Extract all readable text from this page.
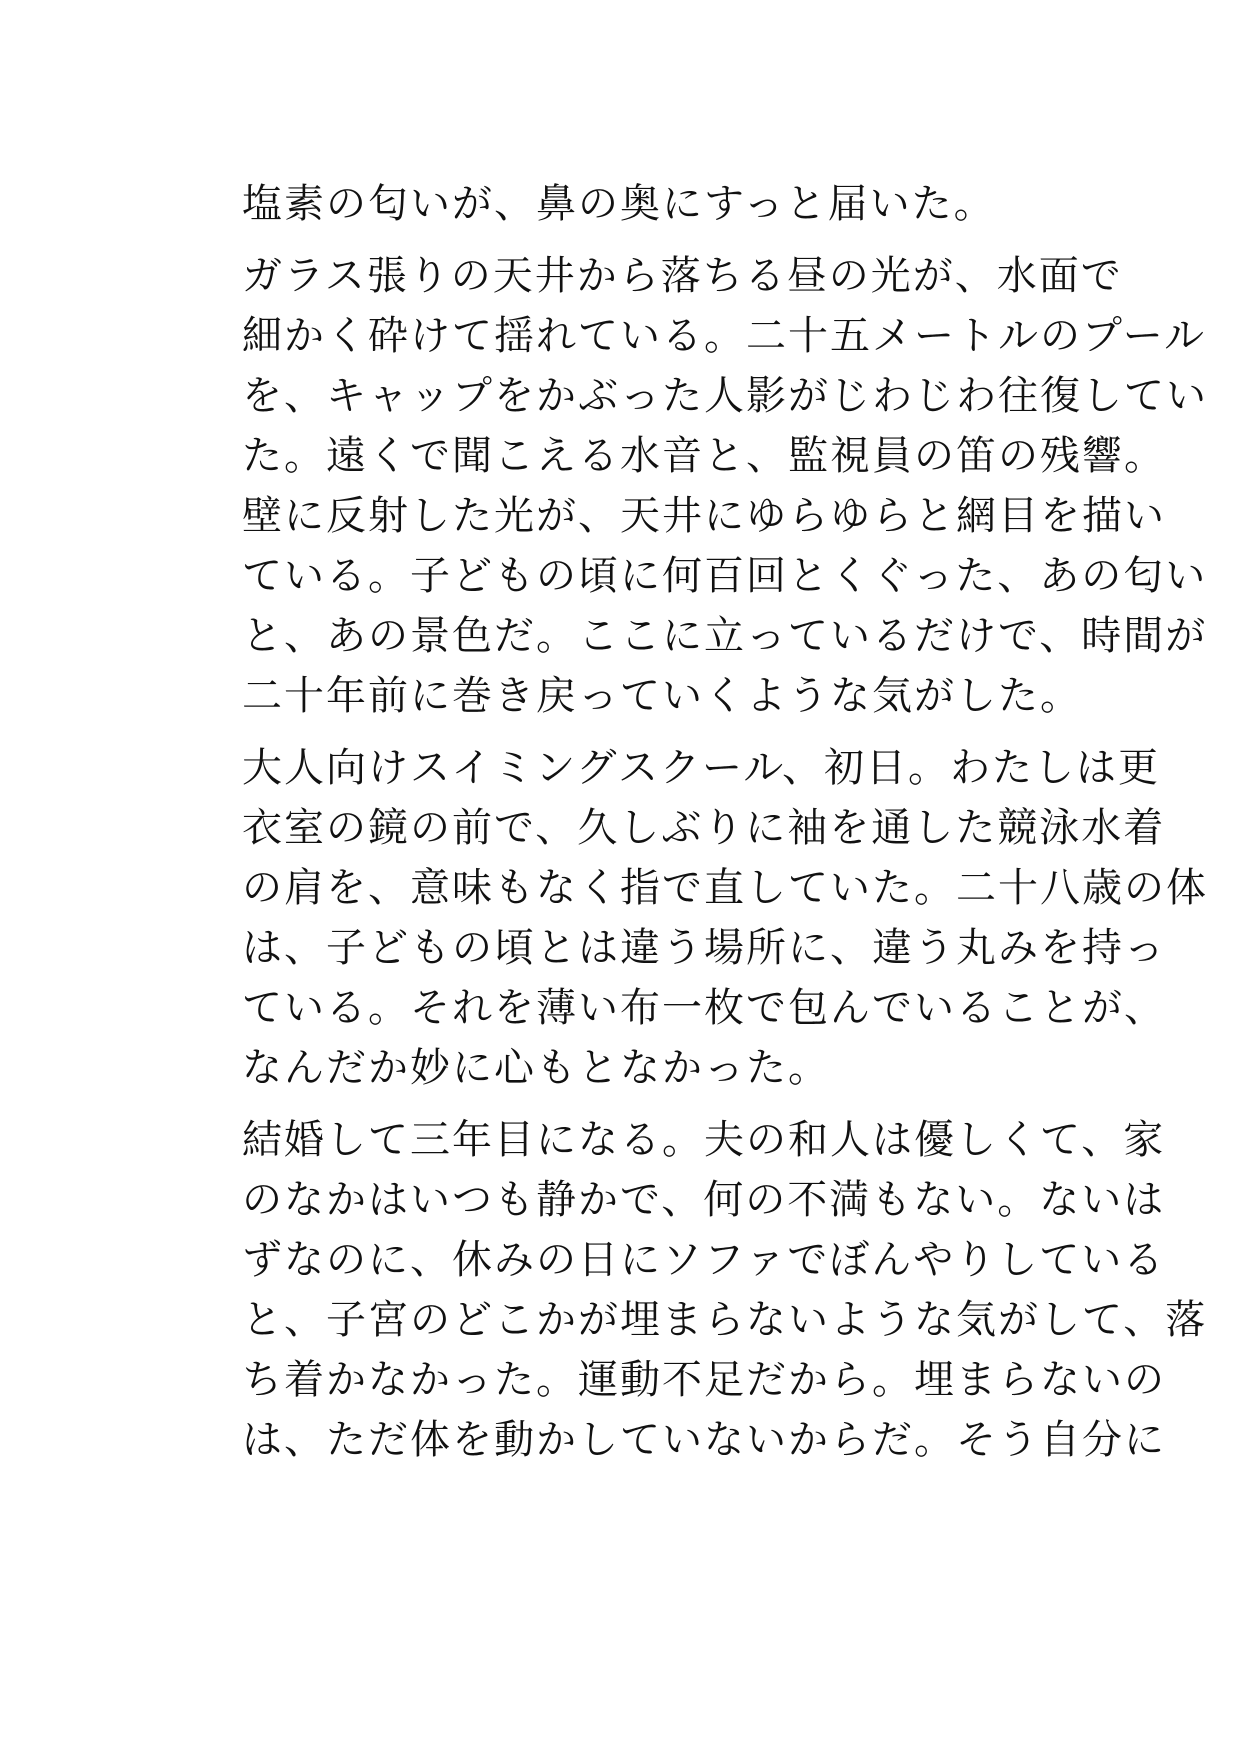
塩素の匂いが、鼻の奥にすっと届いた。

ガラス張りの天井から落ちる昼の光が、水面で
細かく砕けて揺れている。二十五メートルのプール
を、キャップをかぶった人影がじわじわ往復してい
た。遠くで聞こえる水音と、監視員の笛の残響。
壁に反射した光が、天井にゆらゆらと網目を描い
ている。子どもの頃に何百回とくぐった、あの匂い
と、あの景色だ。ここに立っているだけで、時間が
二十年前に巻き戻っていくような気がした。

大人向けスイミングスクール、初日。わたしは更
衣室の鏡の前で、久しぶりに袖を通した競泳水着
の肩を、意味もなく指で直していた。二十八歳の体
は、子どもの頃とは違う場所に、違う丸みを持っ
ている。それを薄い布一枚で包んでいることが、
なんだか妙に心もとなかった。

結婚して三年目になる。夫の和人は優しくて、家
のなかはいつも静かで、何の不満もない。ないは
ずなのに、休みの日にソファでぼんやりしている
と、子宮のどこかが埋まらないような気がして、落
ち着かなかった。運動不足だから。埋まらないの
は、ただ体を動かしていないからだ。そう自分に
